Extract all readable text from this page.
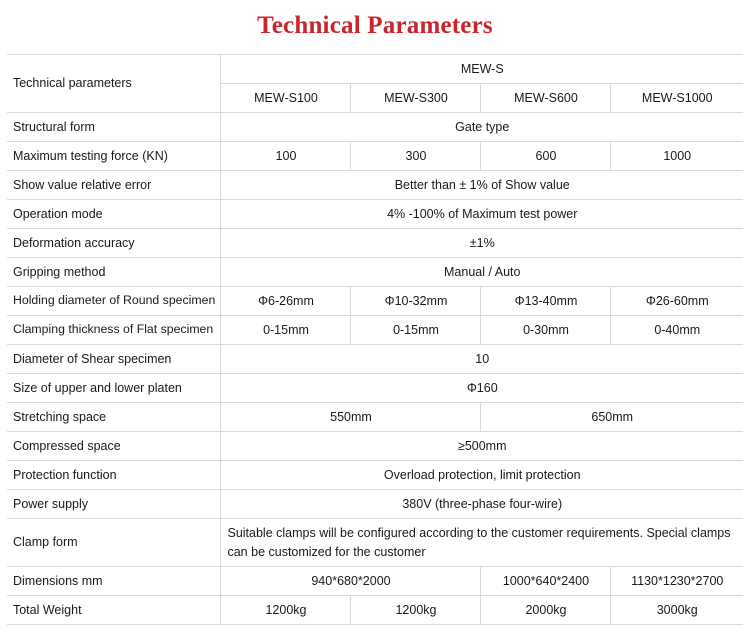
Technical Parameters
Technical parameters	MEW-S			
	MEW-S100	MEW-S300	MEW-S600	MEW-S1000
Structural form	Gate type			
Maximum testing force (KN)	100	300	600	1000
Show value relative error	Better than ± 1% of Show value			
Operation mode	4% -100% of Maximum test power			
Deformation accuracy	±1%			
Gripping method	Manual / Auto			
Holding diameter of Round specimen	Φ6-26mm	Φ10-32mm	Φ13-40mm	Φ26-60mm
Clamping thickness of Flat specimen	0-15mm	0-15mm	0-30mm	0-40mm
Diameter of Shear specimen	10			
Size of upper and lower platen	Φ160			
Stretching space	550mm		650mm	
Compressed space	≥500mm			
Protection function	Overload protection, limit protection			
Power supply	380V (three-phase four-wire)			
Clamp form	Suitable clamps will be configured according to the customer requirements. Special clamps can be customized for the customer			
Dimensions mm	940*680*2000		1000*640*2400	1130*1230*2700
Total Weight	1200kg	1200kg	2000kg	3000kg
